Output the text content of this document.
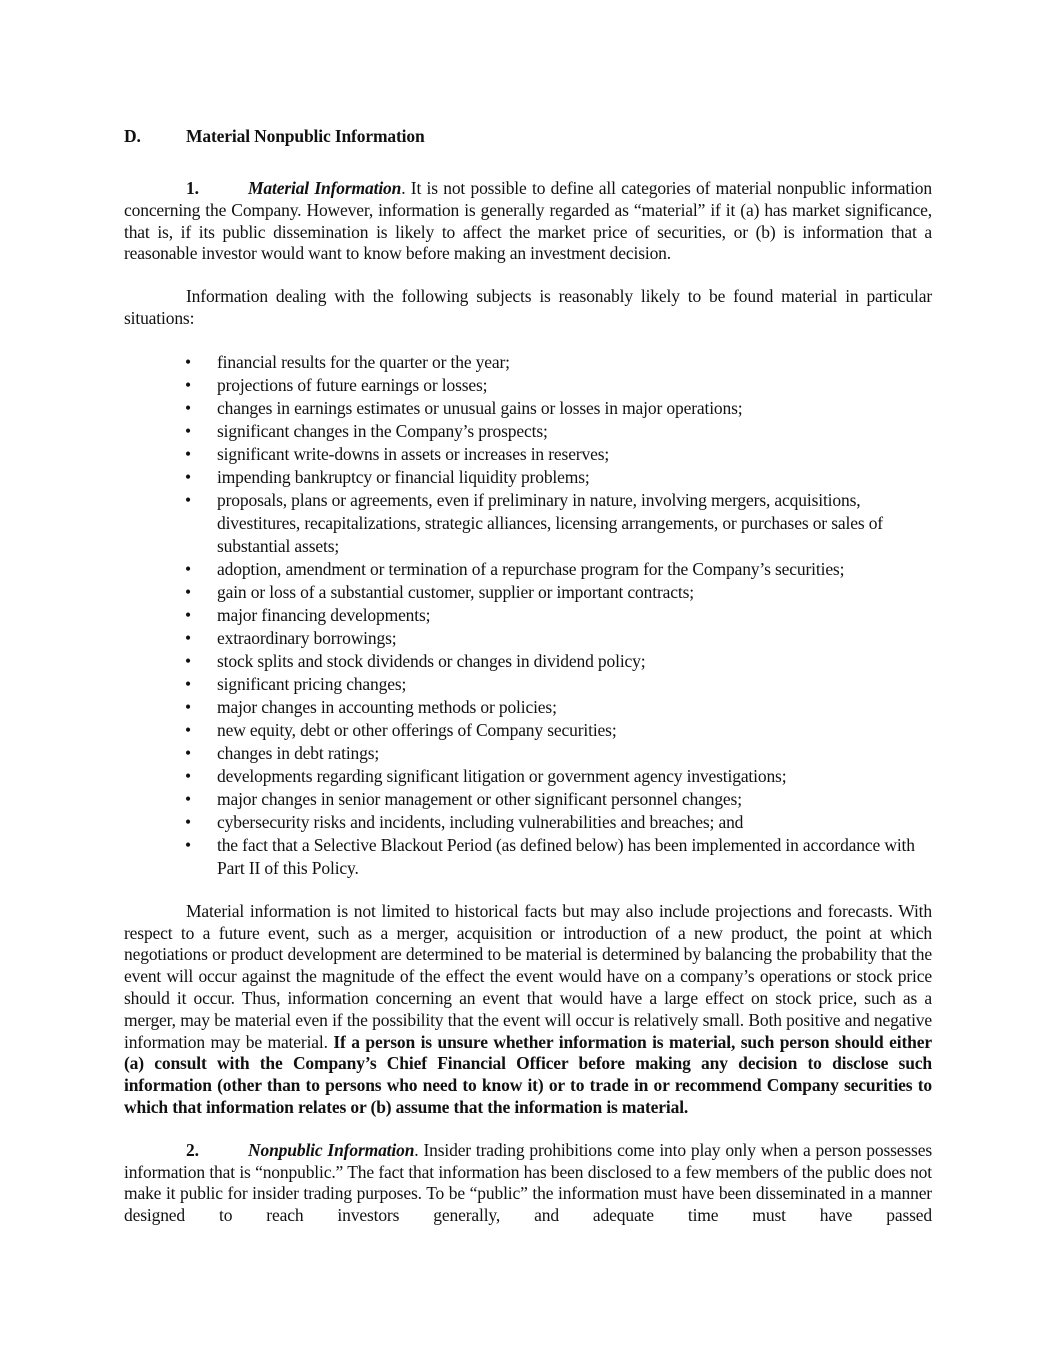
D.	Material Nonpublic Information

1.	Material Information. It is not possible to define all categories of material nonpublic information concerning the Company. However, information is generally regarded as “material” if it (a) has market significance, that is, if its public dissemination is likely to affect the market price of securities, or (b) is information that a reasonable investor would want to know before making an investment decision.

Information dealing with the following subjects is reasonably likely to be found material in particular situations:

• financial results for the quarter or the year;
• projections of future earnings or losses;
• changes in earnings estimates or unusual gains or losses in major operations;
• significant changes in the Company’s prospects;
• significant write-downs in assets or increases in reserves;
• impending bankruptcy or financial liquidity problems;
• proposals, plans or agreements, even if preliminary in nature, involving mergers, acquisitions, divestitures, recapitalizations, strategic alliances, licensing arrangements, or purchases or sales of substantial assets;
• adoption, amendment or termination of a repurchase program for the Company’s securities;
• gain or loss of a substantial customer, supplier or important contracts;
• major financing developments;
• extraordinary borrowings;
• stock splits and stock dividends or changes in dividend policy;
• significant pricing changes;
• major changes in accounting methods or policies;
• new equity, debt or other offerings of Company securities;
• changes in debt ratings;
• developments regarding significant litigation or government agency investigations;
• major changes in senior management or other significant personnel changes;
• cybersecurity risks and incidents, including vulnerabilities and breaches; and
• the fact that a Selective Blackout Period (as defined below) has been implemented in accordance with Part II of this Policy.

Material information is not limited to historical facts but may also include projections and forecasts. With respect to a future event, such as a merger, acquisition or introduction of a new product, the point at which negotiations or product development are determined to be material is determined by balancing the probability that the event will occur against the magnitude of the effect the event would have on a company’s operations or stock price should it occur. Thus, information concerning an event that would have a large effect on stock price, such as a merger, may be material even if the possibility that the event will occur is relatively small. Both positive and negative information may be material. If a person is unsure whether information is material, such person should either (a) consult with the Company’s Chief Financial Officer before making any decision to disclose such information (other than to persons who need to know it) or to trade in or recommend Company securities to which that information relates or (b) assume that the information is material.

2.	Nonpublic Information. Insider trading prohibitions come into play only when a person possesses information that is “nonpublic.” The fact that information has been disclosed to a few members of the public does not make it public for insider trading purposes. To be “public” the information must have been disseminated in a manner designed to reach investors generally, and adequate time must have passed
